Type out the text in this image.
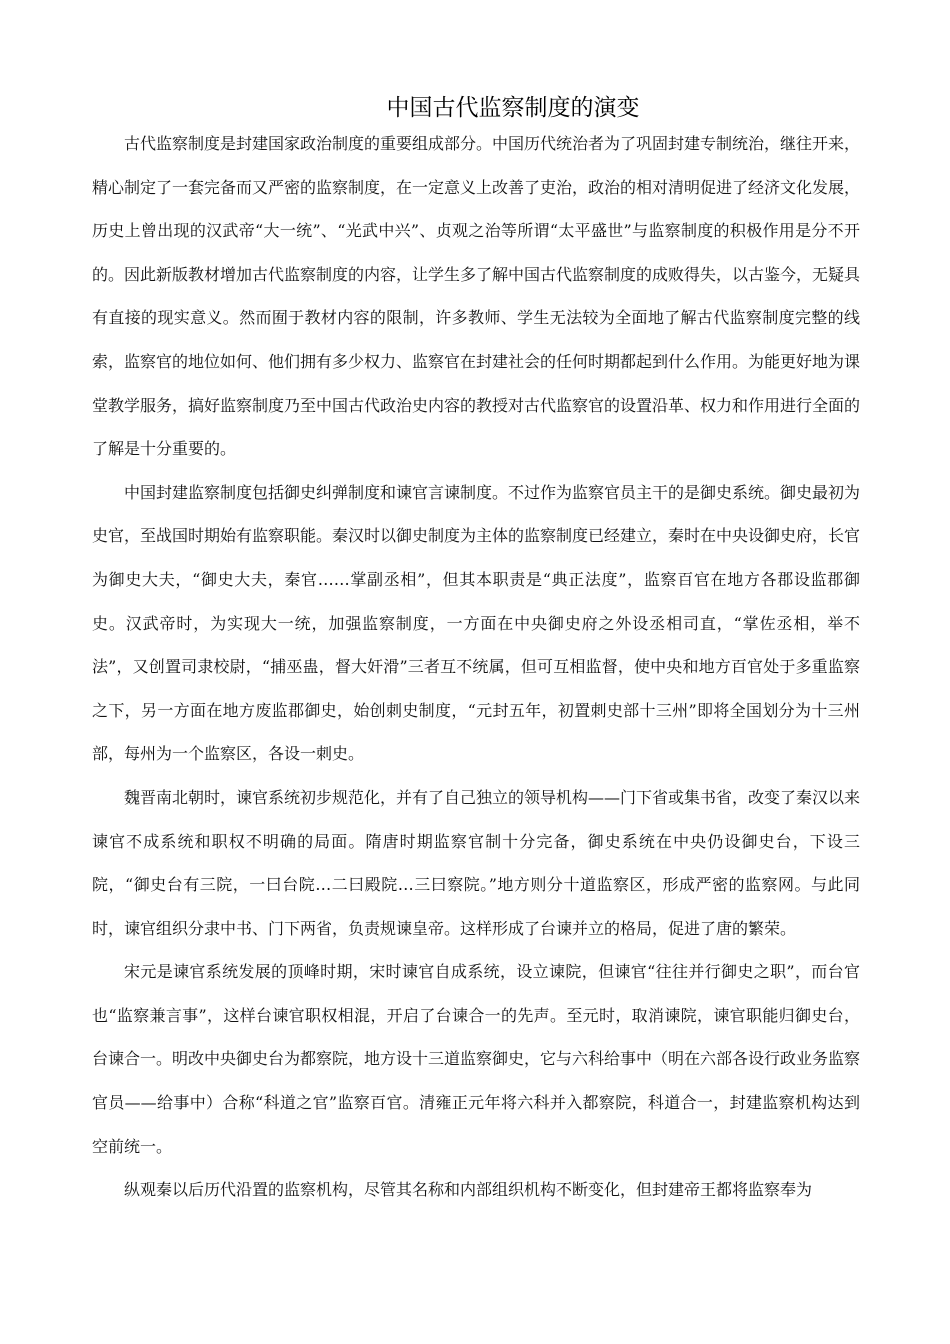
中国古代监察制度的演变

古代监察制度是封建国家政治制度的重要组成部分。中国历代统治者为了巩固封建专制统治，继往开来，精心制定了一套完备而又严密的监察制度，在一定意义上改善了吏治，政治的相对清明促进了经济文化发展，历史上曾出现的汉武帝“大一统”、“光武中兴”、贞观之治等所谓“太平盛世”与监察制度的积极作用是分不开的。因此新版教材增加古代监察制度的内容，让学生多了解中国古代监察制度的成败得失，以古鉴今，无疑具有直接的现实意义。然而囿于教材内容的限制，许多教师、学生无法较为全面地了解古代监察制度完整的线索，监察官的地位如何、他们拥有多少权力、监察官在封建社会的任何时期都起到什么作用。为能更好地为课堂教学服务，搞好监察制度乃至中国古代政治史内容的教授对古代监察官的设置沿革、权力和作用进行全面的了解是十分重要的。

中国封建监察制度包括御史纠弹制度和谏官言谏制度。不过作为监察官员主干的是御史系统。御史最初为史官，至战国时期始有监察职能。秦汉时以御史制度为主体的监察制度已经建立，秦时在中央设御史府，长官为御史大夫，“御史大夫，秦官……掌副丞相”，但其本职责是“典正法度”，监察百官在地方各郡设监郡御史。汉武帝时，为实现大一统，加强监察制度，一方面在中央御史府之外设丞相司直，“掌佐丞相，举不法”，又创置司隶校尉，“捕巫蛊，督大奸滑”三者互不统属，但可互相监督，使中央和地方百官处于多重监察之下，另一方面在地方废监郡御史，始创刺史制度，“元封五年，初置刺史部十三州”即将全国划分为十三州部，每州为一个监察区，各设一刺史。

魏晋南北朝时，谏官系统初步规范化，并有了自己独立的领导机构——门下省或集书省，改变了秦汉以来谏官不成系统和职权不明确的局面。隋唐时期监察官制十分完备，御史系统在中央仍设御史台，下设三院，“御史台有三院，一曰台院…二曰殿院…三曰察院。”地方则分十道监察区，形成严密的监察网。与此同时，谏官组织分隶中书、门下两省，负责规谏皇帝。这样形成了台谏并立的格局，促进了唐的繁荣。

宋元是谏官系统发展的顶峰时期，宋时谏官自成系统，设立谏院，但谏官“往往并行御史之职”，而台官也“监察兼言事”，这样台谏官职权相混，开启了台谏合一的先声。至元时，取消谏院，谏官职能归御史台，台谏合一。明改中央御史台为都察院，地方设十三道监察御史，它与六科给事中（明在六部各设行政业务监察官员——给事中）合称“科道之官”监察百官。清雍正元年将六科并入都察院，科道合一，封建监察机构达到空前统一。

纵观秦以后历代沿置的监察机构，尽管其名称和内部组织机构不断变化，但封建帝王都将监察奉为
